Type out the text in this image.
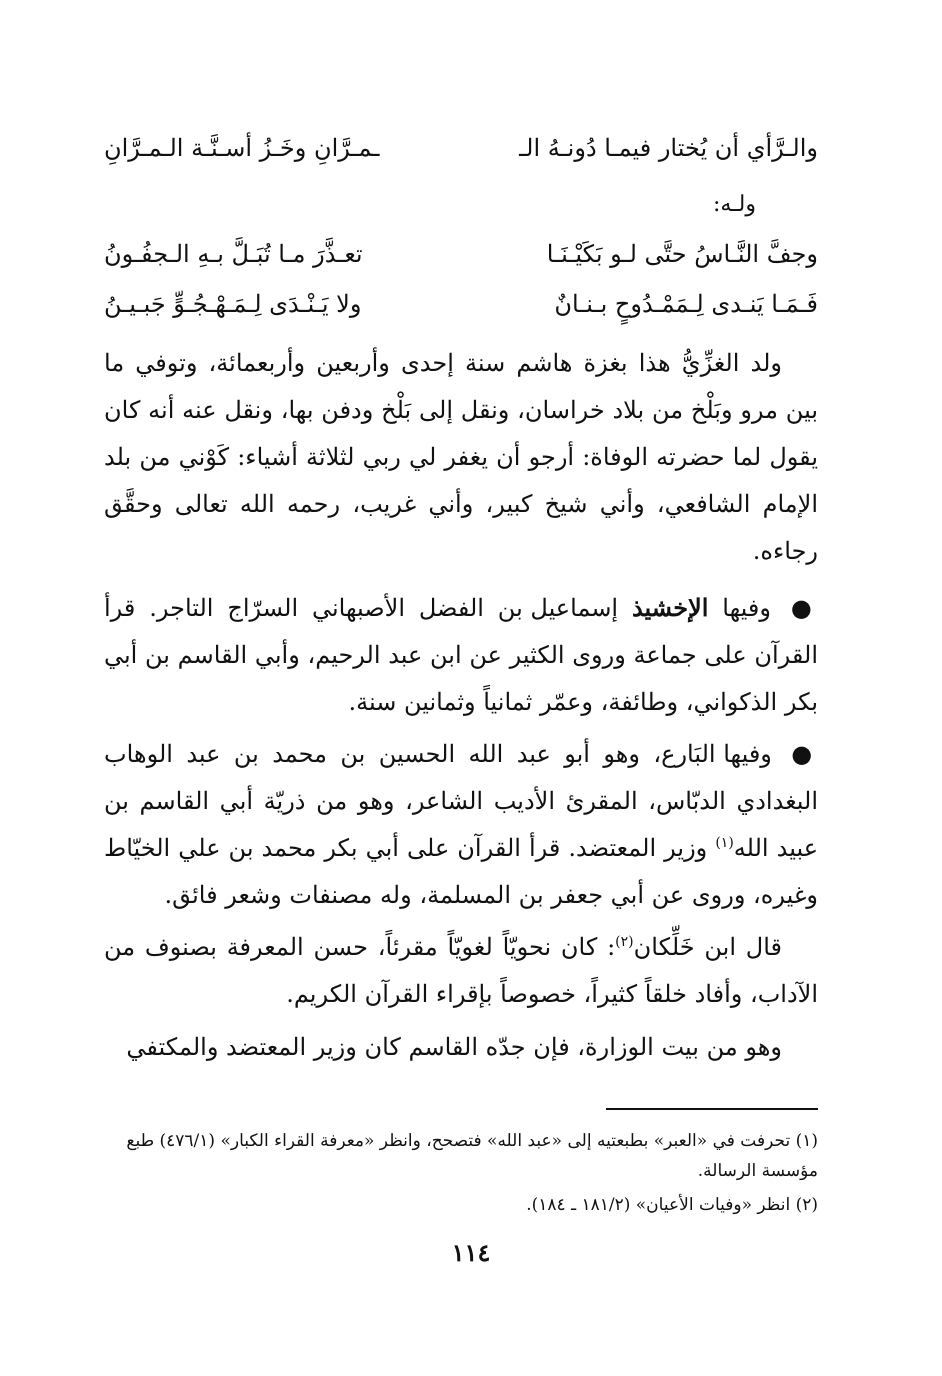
والـرَّأي أن يُختار فيمـا دُونـهُ الـ
ـمـرَّانِ وخَـزُ أسـنَّـة الـمـرَّانِ
ولـه:
وجفَّ النَّـاسُ حتَّى لـو بَكَيْـنَـا
تعـذَّرَ مـا تُبَـلَّ بـهِ الـجفُـونُ
فَـمَـا يَنـدى لِـمَمْـدُوحٍ بـنـانٌ
ولا يَـنْـدَى لِـمَـهْـجُـوٍّ جَبـيـنُ

ولد الغزِّيُّ هذا بغزة هاشم سنة إحدى وأربعين وأربعمائة، وتوفي ما بين مرو وبَلْخ من بلاد خراسان، ونقل إلى بَلْخ ودفن بها، ونقل عنه أنه كان يقول لما حضرته الوفاة: أرجو أن يغفر لي ربي لثلاثة أشياء: كَوْني من بلد الإمام الشافعي، وأني شيخ كبير، وأني غريب، رحمه الله تعالى وحقَّق رجاءه.

● وفيها الإخشيذ إسماعيل بن الفضل الأصبهاني السرّاج التاجر. قرأ القرآن على جماعة وروى الكثير عن ابن عبد الرحيم، وأبي القاسم بن أبي بكر الذكواني، وطائفة، وعمّر ثمانياً وثمانين سنة.

● وفيها البَارع، وهو أبو عبد الله الحسين بن محمد بن عبد الوهاب البغدادي الدبّاس، المقرئ الأديب الشاعر، وهو من ذريّة أبي القاسم بن عبيد الله$^{(١)}$ وزير المعتضد. قرأ القرآن على أبي بكر محمد بن علي الخيّاط وغيره، وروى عن أبي جعفر بن المسلمة، وله مصنفات وشعر فائق.

قال ابن خَلِّكان$^{(٢)}$: كان نحويّاً لغويّاً مقرئاً، حسن المعرفة بصنوف من الآداب، وأفاد خلقاً كثيراً، خصوصاً بإقراء القرآن الكريم.

وهو من بيت الوزارة، فإن جدّه القاسم كان وزير المعتضد والمكتفي

(١) تحرفت في «العبر» بطبعتيه إلى «عبد الله» فتصحح، وانظر «معرفة القراء الكبار» (٤٧٦/١) طبع مؤسسة الرسالة.
(٢) انظر «وفيات الأعيان» (١٨١/٢ ـ ١٨٤).
١١٤
